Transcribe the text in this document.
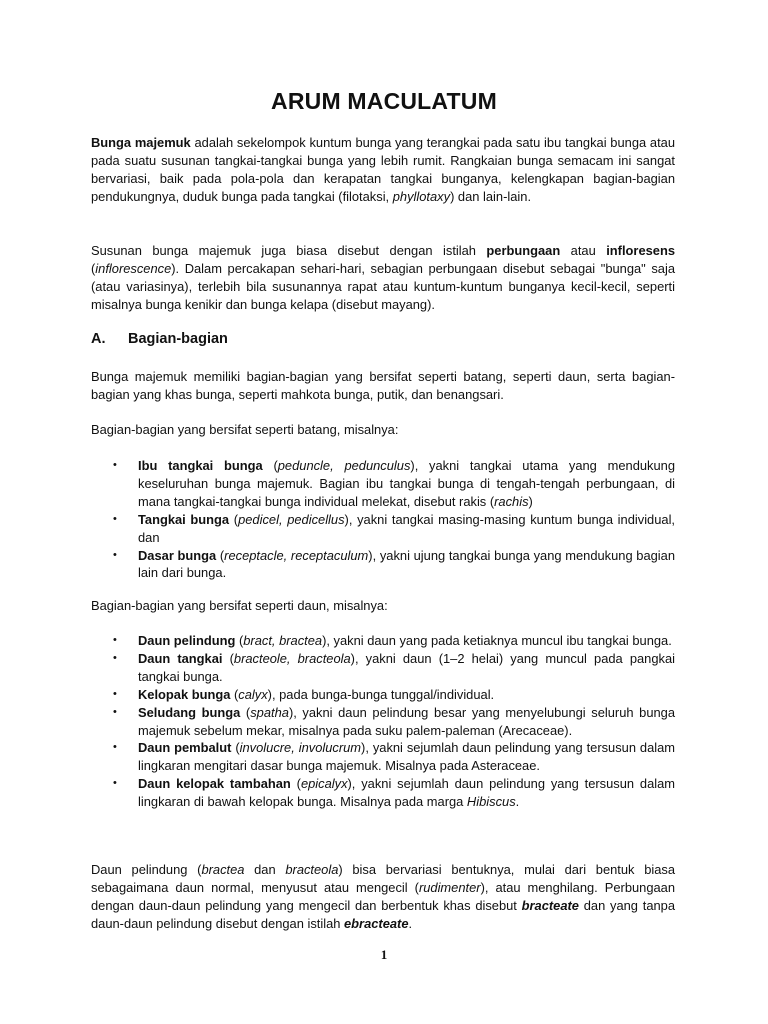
ARUM MACULATUM

Bunga majemuk adalah sekelompok kuntum bunga yang terangkai pada satu ibu tangkai bunga atau pada suatu susunan tangkai-tangkai bunga yang lebih rumit. Rangkaian bunga semacam ini sangat bervariasi, baik pada pola-pola dan kerapatan tangkai bunganya, kelengkapan bagian-bagian pendukungnya, duduk bunga pada tangkai (filotaksi, phyllotaxy) dan lain-lain.

Susunan bunga majemuk juga biasa disebut dengan istilah perbungaan atau infloresens (inflorescence). Dalam percakapan sehari-hari, sebagian perbungaan disebut sebagai "bunga" saja (atau variasinya), terlebih bila susunannya rapat atau kuntum-kuntum bunganya kecil-kecil, seperti misalnya bunga kenikir dan bunga kelapa (disebut mayang).

A. Bagian-bagian

Bunga majemuk memiliki bagian-bagian yang bersifat seperti batang, seperti daun, serta bagian-bagian yang khas bunga, seperti mahkota bunga, putik, dan benangsari.

Bagian-bagian yang bersifat seperti batang, misalnya:

• Ibu tangkai bunga (peduncle, pedunculus), yakni tangkai utama yang mendukung keseluruhan bunga majemuk. Bagian ibu tangkai bunga di tengah-tengah perbungaan, di mana tangkai-tangkai bunga individual melekat, disebut rakis (rachis)
• Tangkai bunga (pedicel, pedicellus), yakni tangkai masing-masing kuntum bunga individual, dan
• Dasar bunga (receptacle, receptaculum), yakni ujung tangkai bunga yang mendukung bagian lain dari bunga.

Bagian-bagian yang bersifat seperti daun, misalnya:

• Daun pelindung (bract, bractea), yakni daun yang pada ketiaknya muncul ibu tangkai bunga.
• Daun tangkai (bracteole, bracteola), yakni daun (1–2 helai) yang muncul pada pangkai tangkai bunga.
• Kelopak bunga (calyx), pada bunga-bunga tunggal/individual.
• Seludang bunga (spatha), yakni daun pelindung besar yang menyelubungi seluruh bunga majemuk sebelum mekar, misalnya pada suku palem-paleman (Arecaceae).
• Daun pembalut (involucre, involucrum), yakni sejumlah daun pelindung yang tersusun dalam lingkaran mengitari dasar bunga majemuk. Misalnya pada Asteraceae.
• Daun kelopak tambahan (epicalyx), yakni sejumlah daun pelindung yang tersusun dalam lingkaran di bawah kelopak bunga. Misalnya pada marga Hibiscus.

Daun pelindung (bractea dan bracteola) bisa bervariasi bentuknya, mulai dari bentuk biasa sebagaimana daun normal, menyusut atau mengecil (rudimenter), atau menghilang. Perbungaan dengan daun-daun pelindung yang mengecil dan berbentuk khas disebut bracteate dan yang tanpa daun-daun pelindung disebut dengan istilah ebracteate.

1
